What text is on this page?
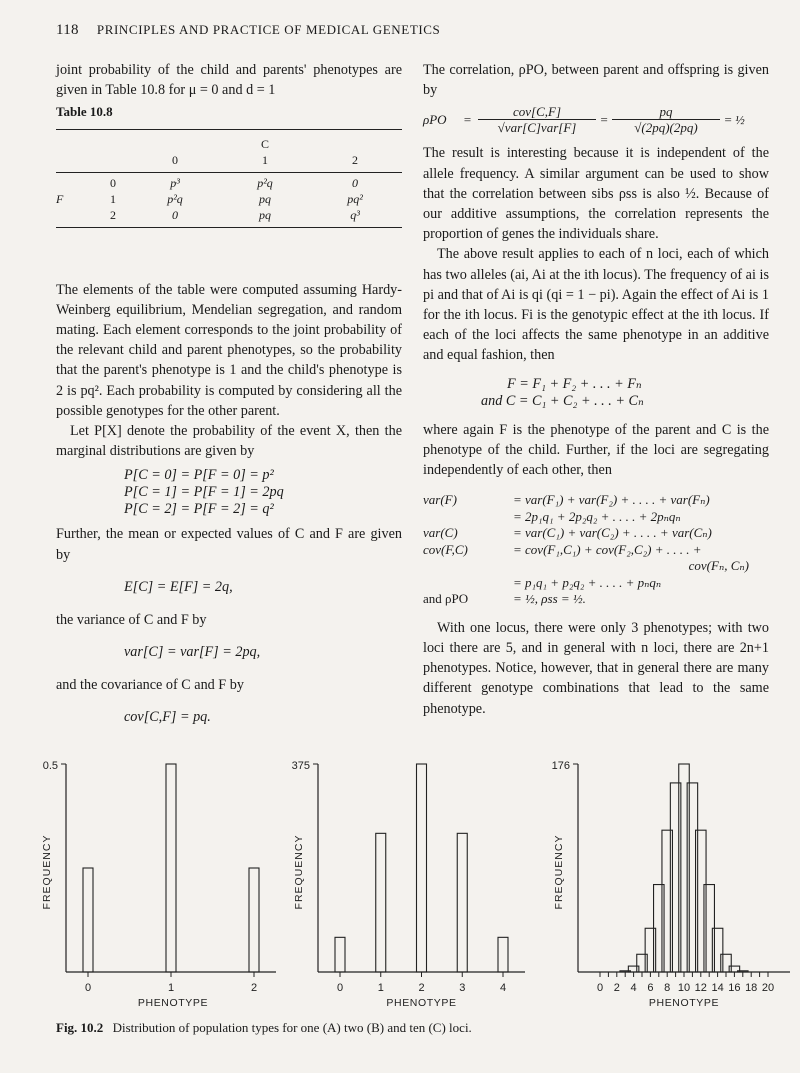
118 PRINCIPLES AND PRACTICE OF MEDICAL GENETICS

joint probability of the child and parents' phenotypes are given in Table 10.8 for μ = 0 and d = 1

Table 10.8
C
0	1	2
0	p³	p²q	0
F	1	p²q	pq	pq²
2	0	pq	q³

The elements of the table were computed assuming Hardy-Weinberg equilibrium, Mendelian segregation, and random mating. Each element corresponds to the joint probability of the relevant child and parent phenotypes, so the probability that the parent's phenotype is 1 and the child's phenotype is 2 is pq². Each probability is computed by considering all the possible genotypes for the other parent.

Let P[X] denote the probability of the event X, then the marginal distributions are given by

P[C = 0] = P[F = 0] = p²
P[C = 1] = P[F = 1] = 2pq
P[C = 2] = P[F = 2] = q²

Further, the mean or expected values of C and F are given by

E[C] = E[F] = 2q,

the variance of C and F by

var[C] = var[F] = 2pq,

and the covariance of C and F by

cov[C,F] = pq.

The correlation, ρPO, between parent and offspring is given by

ρPO	=
cov[C,F]
√var[C]var[F]
= $\frac{pq}{√(2pq)(2pq)}$ = ½

The result is interesting because it is independent of the allele frequency. A similar argument can be used to show that the correlation between sibs ρss is also ½. Because of our additive assumptions, the correlation represents the proportion of genes the individuals share.

The above result applies to each of n loci, each of which has two alleles (ai, Ai at the ith locus). The frequency of ai is pi and that of Ai is qi (qi = 1 − pi). Again the effect of Ai is 1 for the ith locus. Fi is the genotypic effect at the ith locus. If each of the loci affects the same phenotype in an additive and equal fashion, then

F = F₁ + F₂ + . . . + Fₙ
and C = C₁ + C₂ + . . . + Cₙ

where again F is the phenotype of the parent and C is the phenotype of the child. Further, if the loci are segregating independently of each other, then

var(F)	= var(F₁) + var(F₂) + . . . . + var(Fₙ)
= 2p₁q₁ + 2p₂q₂ + . . . . + 2pₙqₙ
var(C)	= var(C₁) + var(C₂) + . . . . + var(Cₙ)
cov(F,C)	= cov(F₁,C₁) + cov(F₂,C₂) + . . . . +
cov(Fₙ, Cₙ)
= p₁q₁ + p₂q₂ + . . . . + pₙqₙ
and ρPO	= ½, ρss = ½.

With one locus, there were only 3 phenotypes; with two loci there are 5, and in general with n loci, there are 2n+1 phenotypes. Notice, however, that in general there are many different genotype combinations that lead to the same phenotype.

0.5
FREQUENCY
0	1	2
PHENOTYPE
375
FREQUENCY
0	1	2	3	4
PHENOTYPE
176
FREQUENCY
0 2 4 6 8 10 12 14 16 18 20
PHENOTYPE
Fig. 10.2 Distribution of population types for one (A) two (B) and ten (C) loci.
